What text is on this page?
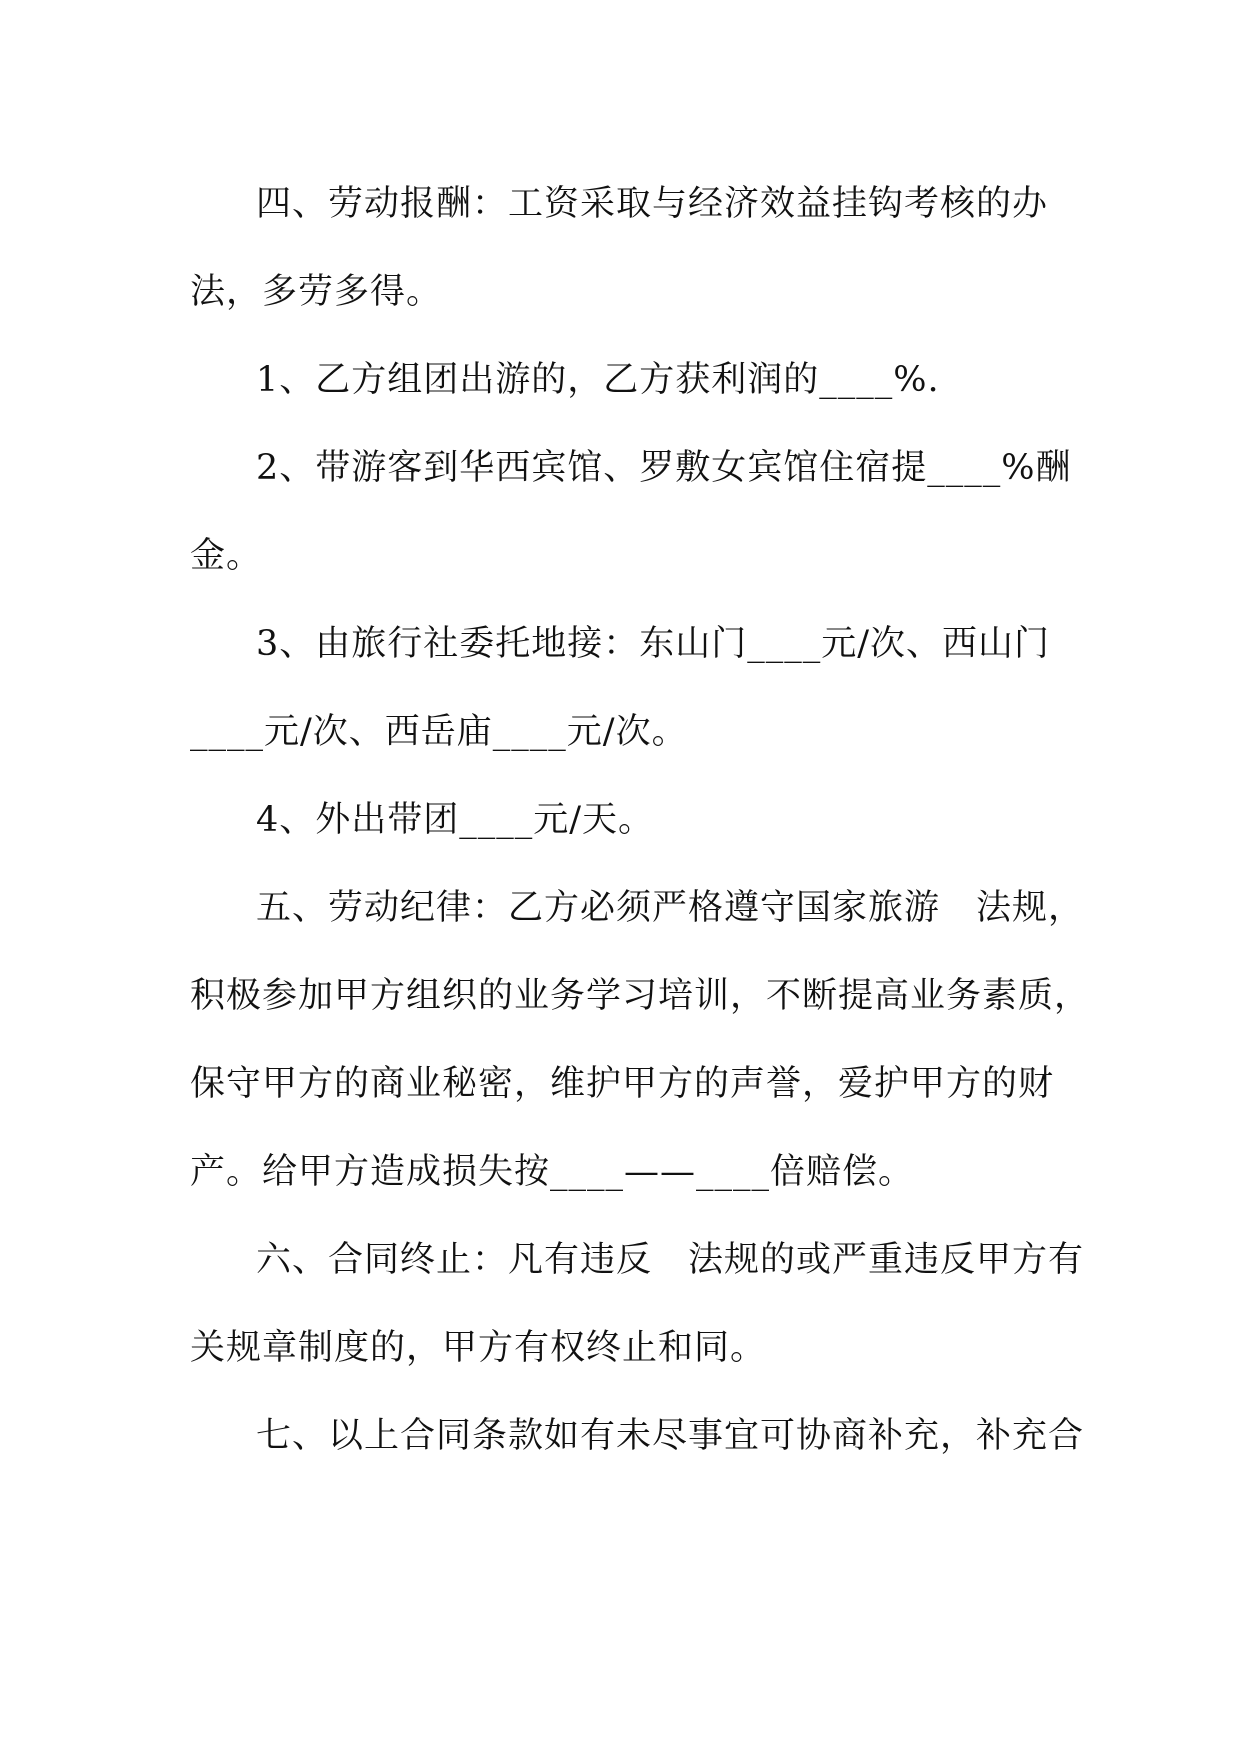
四、劳动报酬：工资采取与经济效益挂钩考核的办
法，多劳多得。
1、乙方组团出游的，乙方获利润的____%.
2、带游客到华西宾馆、罗敷女宾馆住宿提____%酬
金。
3、由旅行社委托地接：东山门____元/次、西山门
____元/次、西岳庙____元/次。
4、外出带团____元/天。
五、劳动纪律：乙方必须严格遵守国家旅游　法规，
积极参加甲方组织的业务学习培训，不断提高业务素质，
保守甲方的商业秘密，维护甲方的声誉，爱护甲方的财
产。给甲方造成损失按____——____倍赔偿。
六、合同终止：凡有违反　法规的或严重违反甲方有
关规章制度的，甲方有权终止和同。
七、以上合同条款如有未尽事宜可协商补充，补充合
